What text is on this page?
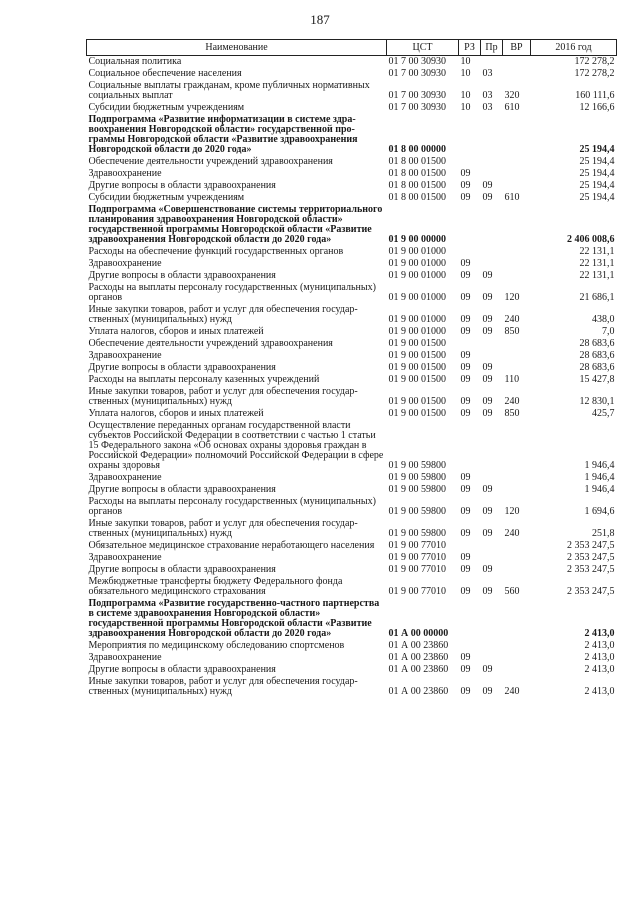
187
Наименование	ЦСТ	РЗ	Пр	ВР	2016 год
Социальная политика	01 7 00 30930	10			172 278,2
Социальное обеспечение населения	01 7 00 30930	10	03		172 278,2
Социальные выплаты гражданам, кроме публичных нормативных социальных выплат	01 7 00 30930	10	03	320	160 111,6
Субсидии бюджетным учреждениям	01 7 00 30930	10	03	610	12 166,6
Подпрограмма «Развитие информатизации в системе здравоохранения Новгородской области» государственной программы Новгородской области «Развитие здравоохранения Новгородской области до 2020 года»	01 8 00 00000				25 194,4
Обеспечение деятельности учреждений здравоохранения	01 8 00 01500				25 194,4
Здравоохранение	01 8 00 01500	09			25 194,4
Другие вопросы в области здравоохранения	01 8 00 01500	09	09		25 194,4
Субсидии бюджетным учреждениям	01 8 00 01500	09	09	610	25 194,4
Подпрограмма «Совершенствование системы территориального планирования здравоохранения Новгородской области» государственной программы Новгородской области «Развитие здравоохранения Новгородской области до 2020 года»	01 9 00 00000				2 406 008,6
Расходы на обеспечение функций государственных органов	01 9 00 01000				22 131,1
Здравоохранение	01 9 00 01000	09			22 131,1
Другие вопросы в области здравоохранения	01 9 00 01000	09	09		22 131,1
Расходы на выплаты персоналу государственных (муниципальных) органов	01 9 00 01000	09	09	120	21 686,1
Иные закупки товаров, работ и услуг для обеспечения государственных (муниципальных) нужд	01 9 00 01000	09	09	240	438,0
Уплата налогов, сборов и иных платежей	01 9 00 01000	09	09	850	7,0
Обеспечение деятельности учреждений здравоохранения	01 9 00 01500				28 683,6
Здравоохранение	01 9 00 01500	09			28 683,6
Другие вопросы в области здравоохранения	01 9 00 01500	09	09		28 683,6
Расходы на выплаты персоналу казенных учреждений	01 9 00 01500	09	09	110	15 427,8
Иные закупки товаров, работ и услуг для обеспечения государственных (муниципальных) нужд	01 9 00 01500	09	09	240	12 830,1
Уплата налогов, сборов и иных платежей	01 9 00 01500	09	09	850	425,7
Осуществление переданных органам государственной власти субъектов Российской Федерации в соответствии с частью 1 статьи 15 Федерального закона «Об основах охраны здоровья граждан в Российской Федерации» полномочий Российской Федерации в сфере охраны здоровья	01 9 00 59800				1 946,4
Здравоохранение	01 9 00 59800	09			1 946,4
Другие вопросы в области здравоохранения	01 9 00 59800	09	09		1 946,4
Расходы на выплаты персоналу государственных (муниципальных) органов	01 9 00 59800	09	09	120	1 694,6
Иные закупки товаров, работ и услуг для обеспечения государственных (муниципальных) нужд	01 9 00 59800	09	09	240	251,8
Обязательное медицинское страхование неработающего населения	01 9 00 77010				2 353 247,5
Здравоохранение	01 9 00 77010	09			2 353 247,5
Другие вопросы в области здравоохранения	01 9 00 77010	09	09		2 353 247,5
Межбюджетные трансферты бюджету Федерального фонда обязательного медицинского страхования	01 9 00 77010	09	09	560	2 353 247,5
Подпрограмма «Развитие государственно-частного партнерства в системе здравоохранения Новгородской области» государственной программы Новгородской области «Развитие здравоохранения Новгородской области до 2020 года»	01 А 00 00000				2 413,0
Мероприятия по медицинскому обследованию спортсменов	01 А 00 23860				2 413,0
Здравоохранение	01 А 00 23860	09			2 413,0
Другие вопросы в области здравоохранения	01 А 00 23860	09	09		2 413,0
Иные закупки товаров, работ и услуг для обеспечения государственных (муниципальных) нужд	01 А 00 23860	09	09	240	2 413,0
